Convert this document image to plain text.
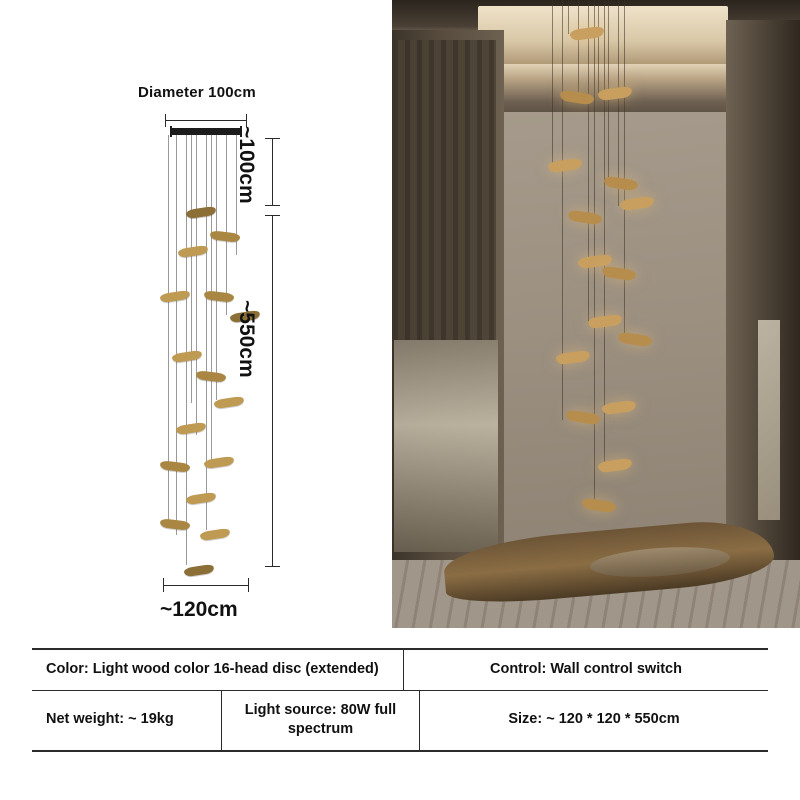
Diameter 100cm
~100cm
~550cm
~120cm
Color: Light wood color 16-head disc (extended)	Control: Wall control switch
Net weight: ~ 19kg
Light source: 80W full spectrum
Size: ~ 120 * 120 * 550cm
